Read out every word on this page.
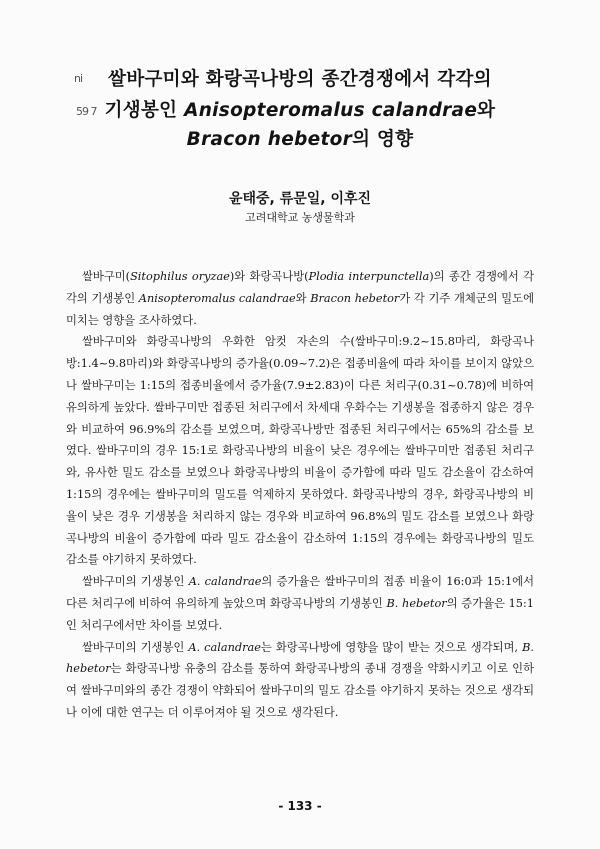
ni
59 7
쌀바구미와 화랑곡나방의 종간경쟁에서 각각의
기생봉인 Anisopteromalus calandrae와
Bracon hebetor의 영향
윤태중, 류문일, 이후진
고려대학교 농생물학과

쌀바구미(Sitophilus oryzae)와 화랑곡나방(Plodia interpunctella)의 종간 경쟁에서 각각의 기생봉인 Anisopteromalus calandrae와 Bracon hebetor가 각 기주 개체군의 밀도에 미치는 영향을 조사하였다.

쌀바구미와 화랑곡나방의 우화한 암컷 자손의 수(쌀바구미:9.2~15.8마리, 화랑곡나방:1.4~9.8마리)와 화랑곡나방의 증가율(0.09~7.2)은 접종비율에 따라 차이를 보이지 않았으나 쌀바구미는 1:15의 접종비율에서 증가율(7.9±2.83)이 다른 처리구(0.31~0.78)에 비하여 유의하게 높았다. 쌀바구미만 접종된 처리구에서 차세대 우화수는 기생봉을 접종하지 않은 경우와 비교하여 96.9%의 감소를 보였으며, 화랑곡나방만 접종된 처리구에서는 65%의 감소를 보였다. 쌀바구미의 경우 15:1로 화랑곡나방의 비율이 낮은 경우에는 쌀바구미만 접종된 처리구와, 유사한 밀도 감소를 보였으나 화랑곡나방의 비율이 증가함에 따라 밀도 감소율이 감소하여 1:15의 경우에는 쌀바구미의 밀도를 억제하지 못하였다. 화랑곡나방의 경우, 화랑곡나방의 비율이 낮은 경우 기생봉을 처리하지 않는 경우와 비교하여 96.8%의 밀도 감소를 보였으나 화랑곡나방의 비율이 증가함에 따라 밀도 감소율이 감소하여 1:15의 경우에는 화랑곡나방의 밀도 감소를 야기하지 못하였다.

쌀바구미의 기생봉인 A. calandrae의 증가율은 쌀바구미의 접종 비율이 16:0과 15:1에서 다른 처리구에 비하여 유의하게 높았으며 화랑곡나방의 기생봉인 B. hebetor의 증가율은 15:1인 처리구에서만 차이를 보였다.

쌀바구미의 기생봉인 A. calandrae는 화랑곡나방에 영향을 많이 받는 것으로 생각되며, B. hebetor는 화랑곡나방 유충의 감소를 통하여 화랑곡나방의 종내 경쟁을 약화시키고 이로 인하여 쌀바구미와의 종간 경쟁이 약화되어 쌀바구미의 밀도 감소를 야기하지 못하는 것으로 생각되나 이에 대한 연구는 더 이루어져야 될 것으로 생각된다.

- 133 -
